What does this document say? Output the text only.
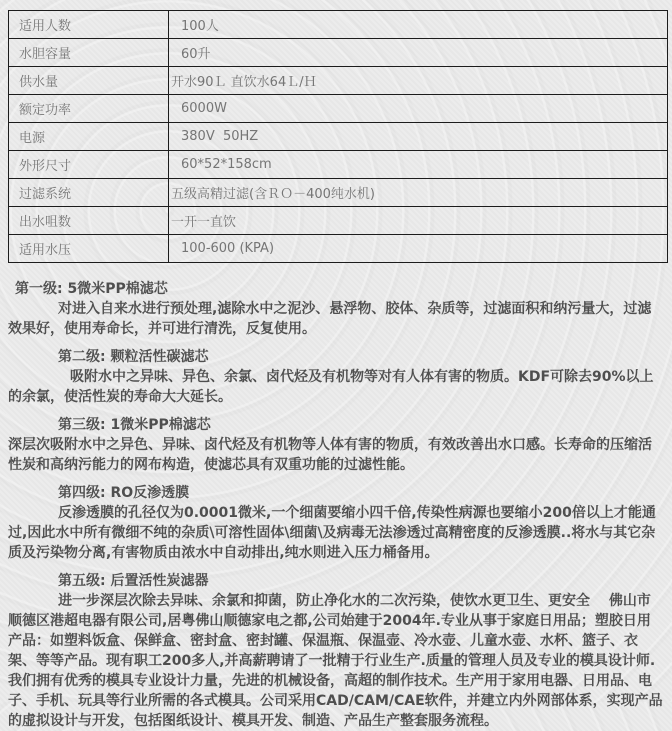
适用人数	100人
水胆容量	60升
供水量	开水90Ｌ 直饮水64Ｌ/Ｈ
额定功率	6000W
电源	380V  50HZ
外形尺寸	60*52*158cm
过滤系统	五级高精过滤(含ＲＯ－400纯水机)
出水咀数	一开一直饮
适用水压	100-600 (KPA)
第一级: 5微米PP棉滤芯
对进入自来水进行预处理,滤除水中之泥沙、悬浮物、胶体、杂质等，过滤面积和纳污量大，过滤效果好，使用寿命长，并可进行清洗，反复使用。
第二级: 颗粒活性碳滤芯
吸附水中之异味、异色、余氯、卤代烃及有机物等对有人体有害的物质。KDF可除去90%以上的余氯，使活性炭的寿命大大延长。
第三级: 1微米PP棉滤芯
深层次吸附水中之异色、异味、卤代烃及有机物等人体有害的物质，有效改善出水口感。长寿命的压缩活性炭和高纳污能力的网布构造，使滤芯具有双重功能的过滤性能。
第四级: RO反渗透膜
反渗透膜的孔径仅为0.0001微米,一个细菌要缩小四千倍,传染性病源也要缩小200倍以上才能通过,因此水中所有微细不纯的杂质\可溶性固体\细菌\及病毒无法渗透过高精密度的反渗透膜..将水与其它杂质及污染物分离,有害物质由浓水中自动排出,纯水则进入压力桶备用。
第五级: 后置活性炭滤器
进一步深层次除去异味、余氯和抑菌，防止净化水的二次污染，使饮水更卫生、更安全　 佛山市顺德区港超电器有限公司,居粤佛山顺德家电之都,公司始建于2004年.专业从事于家庭日用品；塑胶日用产品：如塑料饭盒、保鲜盒、密封盒、密封罐、保温瓶、保温壶、冷水壶、儿童水壶、水杯、篮子、衣架、等等产品。现有职工200多人,并高薪聘请了一批精于行业生产.质量的管理人员及专业的模具设计师.我们拥有优秀的模具专业设计力量，先进的机械设备，高超的制作技术。生产用于家用电器、日用品、电子、手机、玩具等行业所需的各式模具。公司采用CAD/CAM/CAE软件，并建立内外网部体系，实现产品的虚拟设计与开发，包括图纸设计、模具开发、制造、产品生产整套服务流程。
